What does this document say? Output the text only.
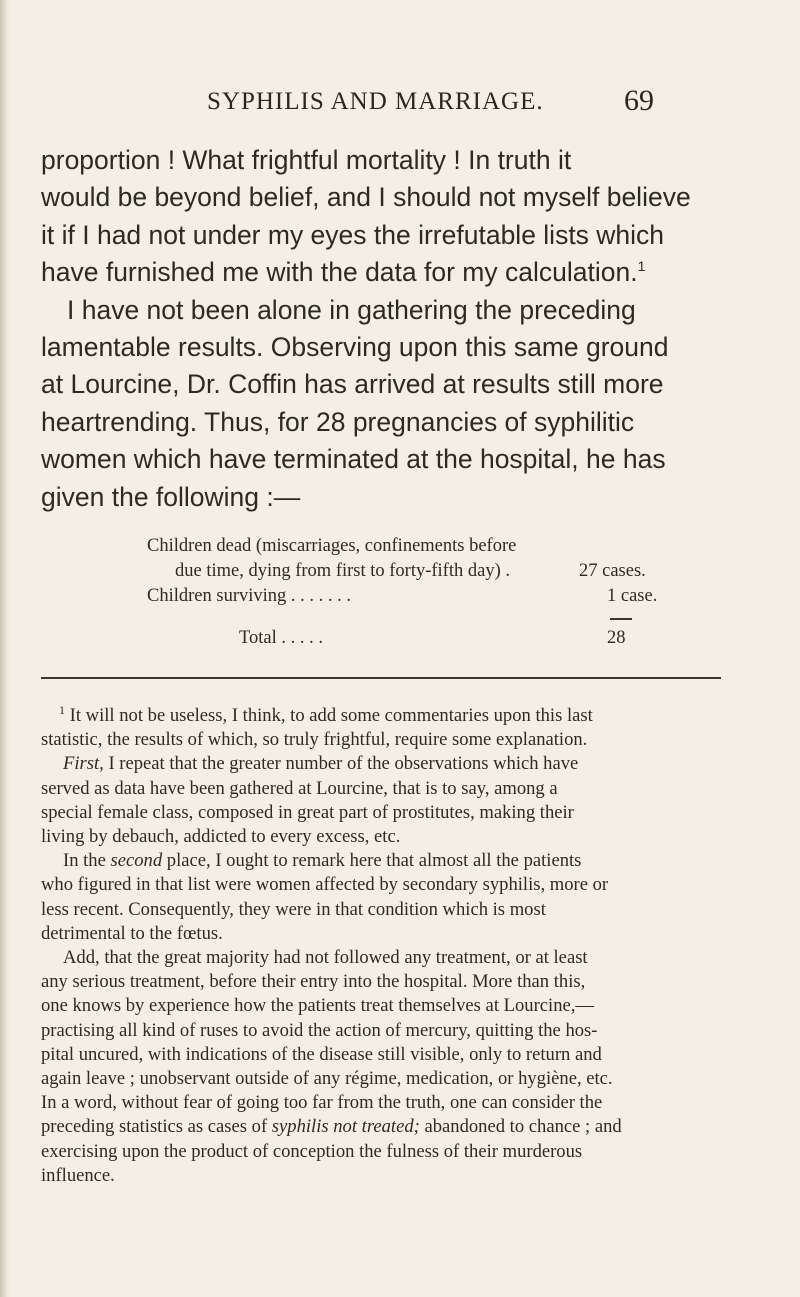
SYPHILIS AND MARRIAGE.	69

proportion ! What frightful mortality ! In truth it

would be beyond belief, and I should not myself believe

it if I had not under my eyes the irrefutable lists which

have furnished me with the data for my calculation.$^1$

I have not been alone in gathering the preceding

lamentable results. Observing upon this same ground

at Lourcine, Dr. Coffin has arrived at results still more

heartrending. Thus, for 28 pregnancies of syphilitic

women which have terminated at the hospital, he has

given the following :—

Children dead (miscarriages, confinements before
due time, dying from first to forty-fifth day) .	27 cases.
Children surviving . . . . . . .	1 case.
Total . . . . .	28

$^1$ It will not be useless, I think, to add some commentaries upon this last

statistic, the results of which, so truly frightful, require some explanation.

First, I repeat that the greater number of the observations which have

served as data have been gathered at Lourcine, that is to say, among a

special female class, composed in great part of prostitutes, making their

living by debauch, addicted to every excess, etc.

In the second place, I ought to remark here that almost all the patients

who figured in that list were women affected by secondary syphilis, more or

less recent. Consequently, they were in that condition which is most

detrimental to the fœtus.

Add, that the great majority had not followed any treatment, or at least

any serious treatment, before their entry into the hospital. More than this,

one knows by experience how the patients treat themselves at Lourcine,—

practising all kind of ruses to avoid the action of mercury, quitting the hos-

pital uncured, with indications of the disease still visible, only to return and

again leave ; unobservant outside of any régime, medication, or hygiène, etc.

In a word, without fear of going too far from the truth, one can consider the

preceding statistics as cases of syphilis not treated; abandoned to chance ; and

exercising upon the product of conception the fulness of their murderous

influence.
